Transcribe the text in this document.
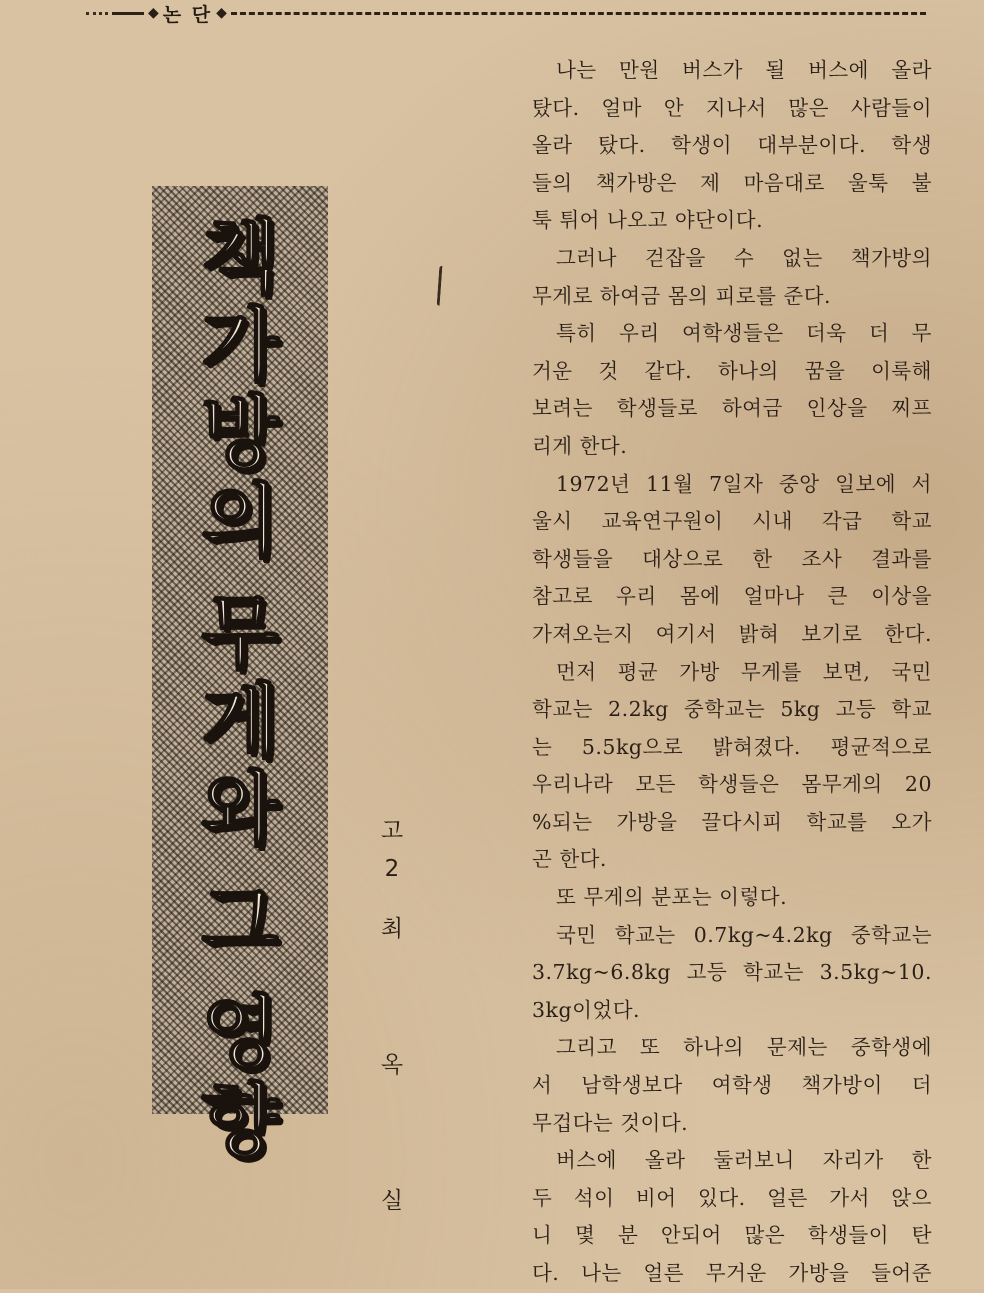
◆ 논 단 ◆
책
가
방
의
무
게
와
그
영
향
고
2
최
옥
실
나는 만원 버스가 될 버스에 올라
탔다. 얼마 안 지나서 많은 사람들이
올라 탔다. 학생이 대부분이다. 학생
들의 책가방은 제 마음대로 울툭 불
툭 튀어 나오고 야단이다.
그러나 걷잡을 수 없는 책가방의
무게로 하여금 몸의 피로를 준다.
특히 우리 여학생들은 더욱 더 무
거운 것 같다. 하나의 꿈을 이룩해
보려는 학생들로 하여금 인상을 찌프
리게 한다.
1972년 11월 7일자 중앙 일보에 서
울시 교육연구원이 시내 각급 학교
학생들을 대상으로 한 조사 결과를
참고로 우리 몸에 얼마나 큰 이상을
가져오는지 여기서 밝혀 보기로 한다.
먼저 평균 가방 무게를 보면, 국민
학교는 2.2kg 중학교는 5kg 고등 학교
는 5.5kg으로 밝혀졌다. 평균적으로
우리나라 모든 학생들은 몸무게의 20
%되는 가방을 끌다시피 학교를 오가
곤 한다.
또 무게의 분포는 이렇다.
국민 학교는 0.7kg~4.2kg 중학교는
3.7kg~6.8kg 고등 학교는 3.5kg~10.
3kg이었다.
그리고 또 하나의 문제는 중학생에
서 남학생보다 여학생 책가방이 더
무겁다는 것이다.
버스에 올라 둘러보니 자리가 한
두 석이 비어 있다. 얼른 가서 앉으
니 몇 분 안되어 많은 학생들이 탄
다. 나는 얼른 무거운 가방을 들어준
